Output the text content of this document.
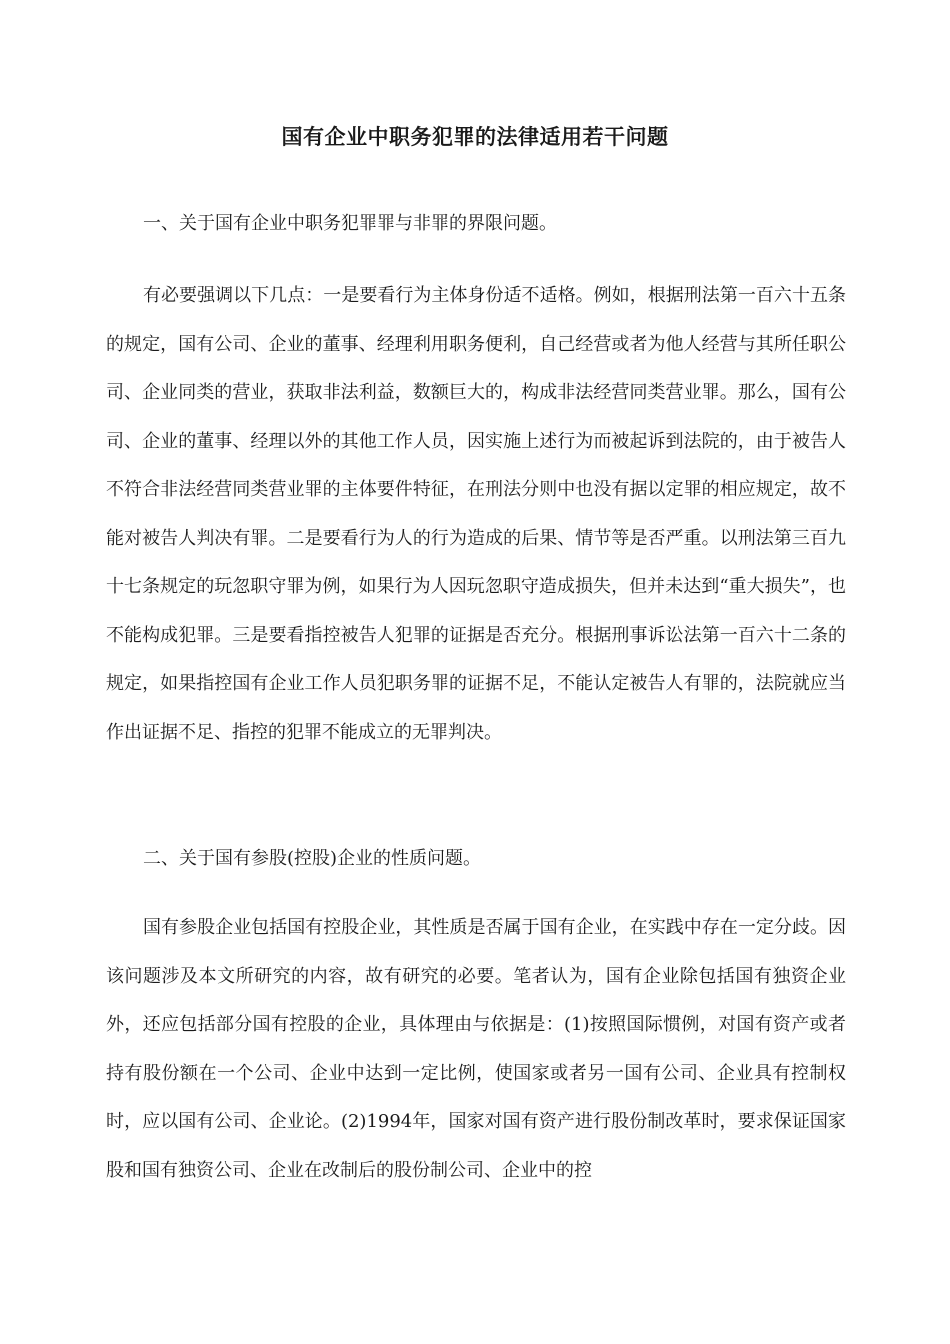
国有企业中职务犯罪的法律适用若干问题

一、关于国有企业中职务犯罪罪与非罪的界限问题。

有必要强调以下几点：一是要看行为主体身份适不适格。例如，根据刑法第一百六十五条的规定，国有公司、企业的董事、经理利用职务便利，自己经营或者为他人经营与其所任职公司、企业同类的营业，获取非法利益，数额巨大的，构成非法经营同类营业罪。那么，国有公司、企业的董事、经理以外的其他工作人员，因实施上述行为而被起诉到法院的，由于被告人不符合非法经营同类营业罪的主体要件特征，在刑法分则中也没有据以定罪的相应规定，故不能对被告人判决有罪。二是要看行为人的行为造成的后果、情节等是否严重。以刑法第三百九十七条规定的玩忽职守罪为例，如果行为人因玩忽职守造成损失，但并未达到“重大损失”，也不能构成犯罪。三是要看指控被告人犯罪的证据是否充分。根据刑事诉讼法第一百六十二条的规定，如果指控国有企业工作人员犯职务罪的证据不足，不能认定被告人有罪的，法院就应当作出证据不足、指控的犯罪不能成立的无罪判决。

二、关于国有参股(控股)企业的性质问题。

国有参股企业包括国有控股企业，其性质是否属于国有企业，在实践中存在一定分歧。因该问题涉及本文所研究的内容，故有研究的必要。笔者认为，国有企业除包括国有独资企业外，还应包括部分国有控股的企业，具体理由与依据是：(1)按照国际惯例，对国有资产或者持有股份额在一个公司、企业中达到一定比例，使国家或者另一国有公司、企业具有控制权时，应以国有公司、企业论。(2)1994年，国家对国有资产进行股份制改革时，要求保证国家股和国有独资公司、企业在改制后的股份制公司、企业中的控
